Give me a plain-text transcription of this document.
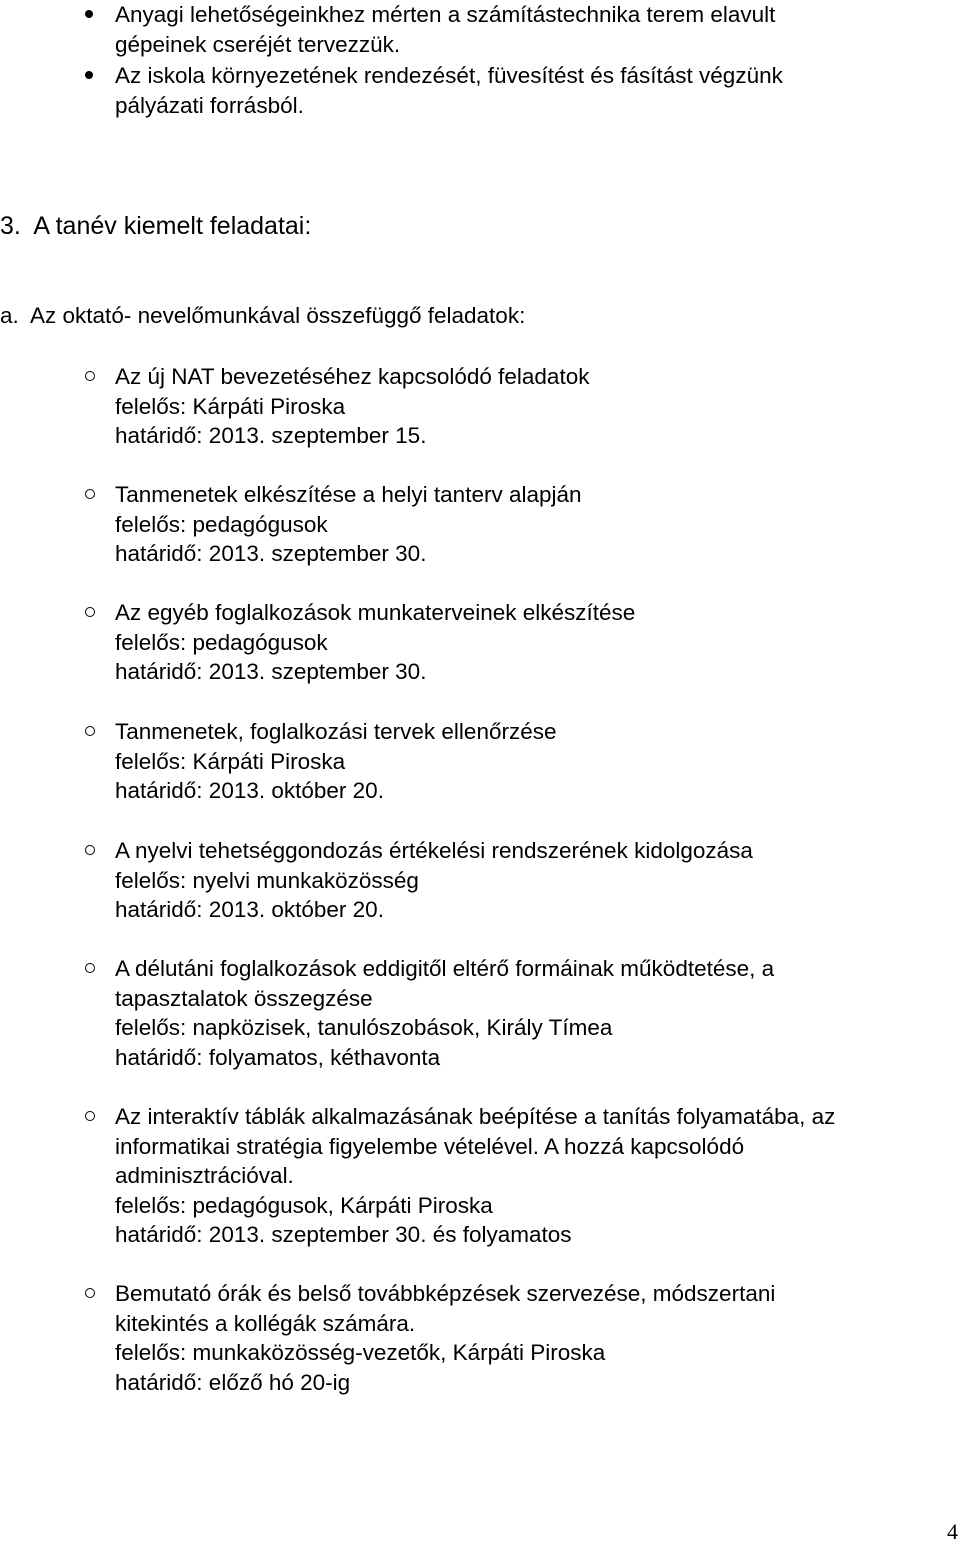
Anyagi lehetőségeinkhez mérten a számítástechnika terem elavult
gépeinek cseréjét tervezzük.
Az iskola környezetének rendezését, füvesítést és fásítást végzünk
pályázati forrásból.
3.  A tanév kiemelt feladatai:
a.  Az oktató- nevelőmunkával összefüggő feladatok:
Az új NAT bevezetéséhez kapcsolódó feladatok
felelős: Kárpáti Piroska
határidő: 2013. szeptember 15.
Tanmenetek elkészítése a helyi tanterv alapján
felelős: pedagógusok
határidő: 2013. szeptember 30.
Az egyéb foglalkozások munkaterveinek elkészítése
felelős: pedagógusok
határidő: 2013. szeptember 30.
Tanmenetek, foglalkozási tervek ellenőrzése
felelős: Kárpáti Piroska
határidő: 2013. október 20.
A nyelvi tehetséggondozás értékelési rendszerének kidolgozása
felelős: nyelvi munkaközösség
határidő: 2013. október 20.
A délutáni foglalkozások eddigitől eltérő formáinak működtetése, a
tapasztalatok összegzése
felelős: napközisek, tanulószobások, Király Tímea
határidő: folyamatos, kéthavonta
Az interaktív táblák alkalmazásának beépítése a tanítás folyamatába, az
informatikai stratégia figyelembe vételével. A hozzá kapcsolódó
adminisztrációval.
felelős: pedagógusok, Kárpáti Piroska
határidő: 2013. szeptember 30. és folyamatos
Bemutató órák és belső továbbképzések szervezése, módszertani
kitekintés a kollégák számára.
felelős: munkaközösség-vezetők, Kárpáti Piroska
határidő: előző hó 20-ig
4
